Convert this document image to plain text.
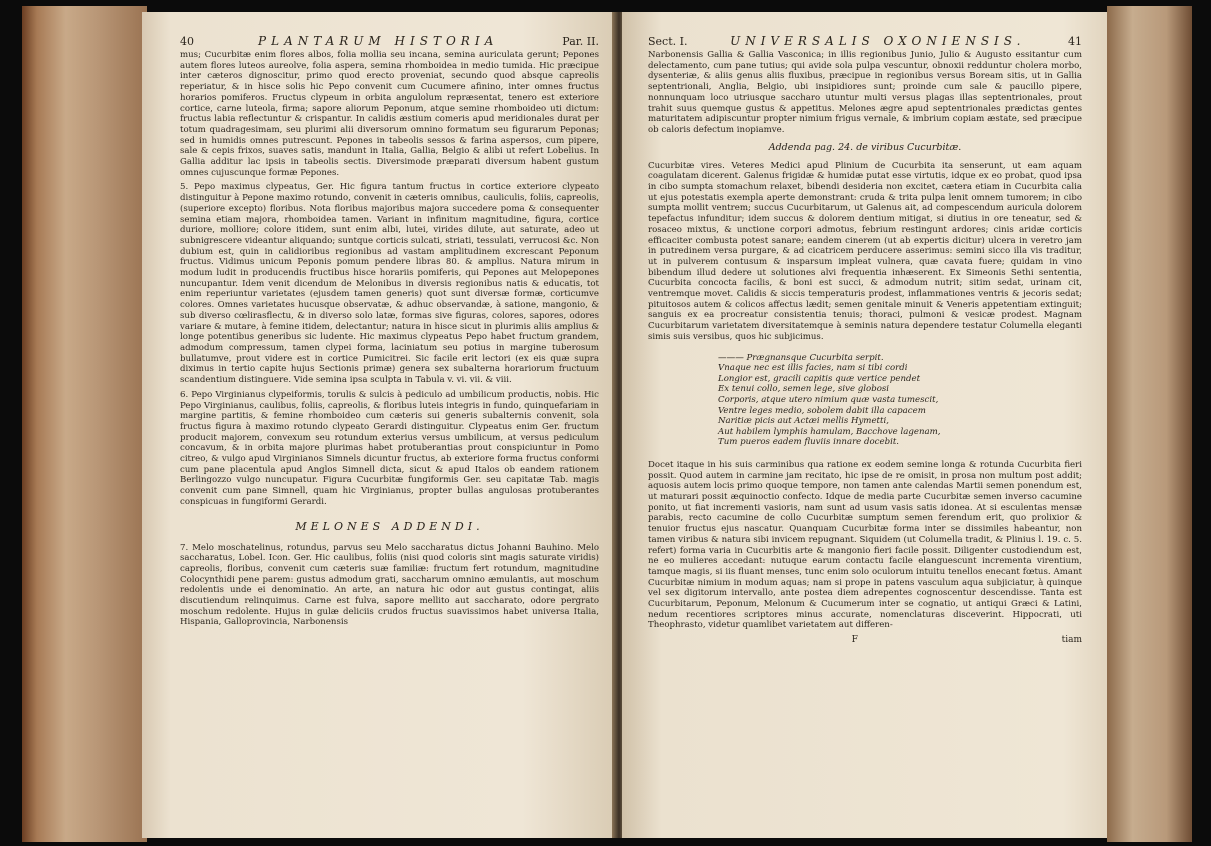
40	PLANTARUM HISTORIA	Par. II.

mus; Cucurbitæ enim flores albos, folia mollia seu incana, semina auriculata gerunt; Pepones autem flores luteos aureolve, folia aspera, semina rhomboidea in medio tumida. Hic præcipue inter cæteros dignoscitur, primo quod erecto proveniat, secundo quod absque capreolis reperiatur, & in hisce solis hic Pepo convenit cum Cucumere afinino, inter omnes fructus horarios pomiferos. Fructus clypeum in orbita angulolum repræsentat, tenero est exteriore cortice, carne luteola, firma; sapore aliorum Peponum, atque semine rhomboideo uti dictum: fructus labia reflectuntur & crispantur. In calidis æstium comeris apud meridionales durat per totum quadragesimam, seu plurimi alii diversorum omnino formatum seu figurarum Peponas; sed in humidis omnes putrescunt. Pepones in tabeolis sessos & farina aspersos, cum pipere, sale & cepis frixos, suaves satis, mandunt in Italia, Gallia, Belgio & alibi ut refert Lobelius. In Gallia additur lac ipsis in tabeolis sectis. Diversimode præparati diversum habent gustum omnes cujuscunque formæ Pepones.

5. Pepo maximus clypeatus, Ger. Hic figura tantum fructus in cortice exteriore clypeato distinguitur à Pepone maximo rotundo, convenit in cæteris omnibus, cauliculis, foliis, capreolis, (superiore excepto) floribus. Nota floribus majoribus majora succedere poma & consequenter semina etiam majora, rhomboidea tamen. Variant in infinitum magnitudine, figura, cortice duriore, molliore; colore itidem, sunt enim albi, lutei, virides dilute, aut saturate, adeo ut subnigrescere videantur aliquando; suntque corticis sulcati, striati, tessulati, verrucosi &c. Non dubium est, quin in calidioribus regionibus ad vastam amplitudinem excrescant Peponum fructus. Vidimus unicum Peponis pomum pendere libras 80. & amplius. Natura mirum in modum ludit in producendis fructibus hisce horariis pomiferis, qui Pepones aut Melopepones nuncupantur. Idem venit dicendum de Melonibus in diversis regionibus natis & educatis, tot enim reperiuntur varietates (ejusdem tamen generis) quot sunt diversæ formæ, corticumve colores. Omnes varietates hucusque observatæ, & adhuc observandæ, à satione, mangonio, & sub diverso cœlirasflectu, & in diverso solo latæ, formas sive figuras, colores, sapores, odores variare & mutare, à femine itidem, delectantur; natura in hisce sicut in plurimis aliis amplius & longe potentibus generibus sic ludente. Hic maximus clypeatus Pepo habet fructum grandem, admodum compressum, tamen clypei forma, laciniatum seu potius in margine tuberosum bullatumve, prout videre est in cortice Pumicitrei. Sic facile erit lectori (ex eis quæ supra diximus in tertio capite hujus Sectionis primæ) genera sex subalterna horariorum fructuum scandentium distinguere. Vide semina ipsa sculpta in Tabula v. vi. vii. & viii.

6. Pepo Virginianus clypeiformis, torulis & sulcis à pediculo ad umbilicum productis, nobis. Hic Pepo Virginianus, caulibus, foliis, capreolis, & floribus luteis integris in fundo, quinquefariam in margine partitis, & femine rhomboideo cum cæteris sui generis subalternis convenit, sola fructus figura à maximo rotundo clypeato Gerardi distinguitur. Clypeatus enim Ger. fructum producit majorem, convexum seu rotundum exterius versus umbilicum, at versus pediculum concavum, & in orbita majore plurimas habet protuberantias prout conspiciuntur in Pomo citreo, & vulgo apud Virginianos Simnels dicuntur fructus, ab exteriore forma fructus conformi cum pane placentula apud Anglos Simnell dicta, sicut & apud Italos ob eandem rationem Berlingozzo vulgo nuncupatur. Figura Cucurbitæ fungiformis Ger. seu capitatæ Tab. magis convenit cum pane Simnell, quam hic Virginianus, propter bullas angulosas protuberantes conspicuas in fungiformi Gerardi.

MELONES ADDENDI.

7. Melo moschatelinus, rotundus, parvus seu Melo saccharatus dictus Johanni Bauhino. Melo saccharatus, Lobel. Icon. Ger. Hic caulibus, foliis (nisi quod coloris sint magis saturate viridis) capreolis, floribus, convenit cum cæteris suæ familiæ: fructum fert rotundum, magnitudine Colocynthidi pene parem: gustus admodum grati, saccharum omnino æmulantis, aut moschum redolentis unde ei denominatio. An arte, an natura hic odor aut gustus contingat, aliis discutiendum relinquimus. Carne est fulva, sapore mellito aut saccharato, odore pergrato moschum redolente. Hujus in gulæ deliciis crudos fructus suavissimos habet universa Italia, Hispania, Galloprovincia, Narbonensis

Sect. I.	UNIVERSALIS OXONIENSIS.	41

Narbonensis Gallia & Gallia Vasconica; in illis regionibus Junio, Julio & Augusto essitantur cum delectamento, cum pane tutius; qui avide sola pulpa vescuntur, obnoxii redduntur cholera morbo, dysenteriæ, & aliis genus aliis fluxibus, præcipue in regionibus versus Boream sitis, ut in Gallia septentrionali, Anglia, Belgio, ubi insipidiores sunt; proinde cum sale & paucillo pipere, nonnunquam loco utriusque saccharo utuntur multi versus plagas illas septentrionales, prout trahit suus quemque gustus & appetitus. Melones ægre apud septentrionales prædictas gentes maturitatem adipiscuntur propter nimium frigus vernale, & imbrium copiam æstate, sed præcipue ob caloris defectum inopiamve.

Addenda pag. 24. de viribus Cucurbitæ.

Cucurbitæ vires. Veteres Medici apud Plinium de Cucurbita ita senserunt, ut eam aquam coagulatam dicerent. Galenus frigidæ & humidæ putat esse virtutis, idque ex eo probat, quod ipsa in cibo sumpta stomachum relaxet, bibendi desideria non excitet, cætera etiam in Cucurbita calia ut ejus potestatis exempla aperte demonstrant: cruda & trita pulpa lenit omnem tumorem; in cibo sumpta mollit ventrem; succus Cucurbitarum, ut Galenus ait, ad compescendum auricula dolorem tepefactus infunditur; idem succus & dolorem dentium mitigat, si diutius in ore teneatur, sed & rosaceo mixtus, & unctione corpori admotus, febrium restingunt ardores; cinis aridæ corticis efficaciter combusta potest sanare; eandem cinerem (ut ab expertis dicitur) ulcera in veretro jam in putredinem versa purgare, & ad cicatricem perducere asserimus: semini sicco illa vis traditur, ut in pulverem contusum & insparsum impleat vulnera, quæ cavata fuere; quidam in vino bibendum illud dedere ut solutiones alvi frequentia inhæserent. Ex Simeonis Sethi sententia, Cucurbita concocta facilis, & boni est succi, & admodum nutrit; sitim sedat, urinam cit, ventremque movet. Calidis & siccis temperaturis prodest, inflammationes ventris & jecoris sedat; pituitosos autem & colicos affectus lædit; semen genitale minuit & Veneris appetentiam extinguit; sanguis ex ea procreatur consistentia tenuis; thoraci, pulmoni & vesicæ prodest. Magnam Cucurbitarum varietatem diversitatemque à seminis natura dependere testatur Columella eleganti simis suis versibus, quos hic subjicimus.

——— Prægnansque Cucurbita serpit.
Vnaque nec est illis facies, nam si tibi cordi
Longior est, gracili capitis quæ vertice pendet
Ex tenui collo, semen lege, sive globosi
Corporis, atque utero nimium quæ vasta tumescit,
Ventre leges medio, sobolem dabit illa capacem
Naritiæ picis aut Actæi mellis Hymetti,
Aut habilem lymphis hamulam, Bacchove lagenam,
Tum pueros eadem fluviis innare docebit.

Docet itaque in his suis carminibus qua ratione ex eodem semine longa & rotunda Cucurbita fieri possit. Quod autem in carmine jam recitato, hic ipse de re omisit, in prosa non multum post addit; aquosis autem locis primo quoque tempore, non tamen ante calendas Martii semen ponendum est, ut maturari possit æquinoctio confecto. Idque de media parte Cucurbitæ semen inverso cacumine ponito, ut fiat incrementi vasioris, nam sunt ad usum vasis satis idonea. At si esculentas mensæ parabis, recto cacumine de collo Cucurbitæ sumptum semen ferendum erit, quo prolixior & tenuior fructus ejus nascatur. Quanquam Cucurbitæ forma inter se dissimiles habeantur, non tamen viribus & natura sibi invicem repugnant. Siquidem (ut Columella tradit, & Plinius l. 19. c. 5. refert) forma varia in Cucurbitis arte & mangonio fieri facile possit. Diligenter custodiendum est, ne eo mulieres accedant: nutuque earum contactu facile elanguescunt incrementa virentium, tamque magis, si iis fluant menses, tunc enim solo oculorum intuitu tenellos enecant fœtus. Amant Cucurbitæ nimium in modum aquas; nam si prope in patens vasculum aqua subjiciatur, à quinque vel sex digitorum intervallo, ante postea diem adrepentes cognoscentur descendisse. Tanta est Cucurbitarum, Peponum, Melonum & Cucumerum inter se cognatio, ut antiqui Græci & Latini, nedum recentiores scriptores minus accurate, nomenclaturas disceverint. Hippocrati, uti Theophrasto, videtur quamlibet varietatem aut differen-

F	tiam
